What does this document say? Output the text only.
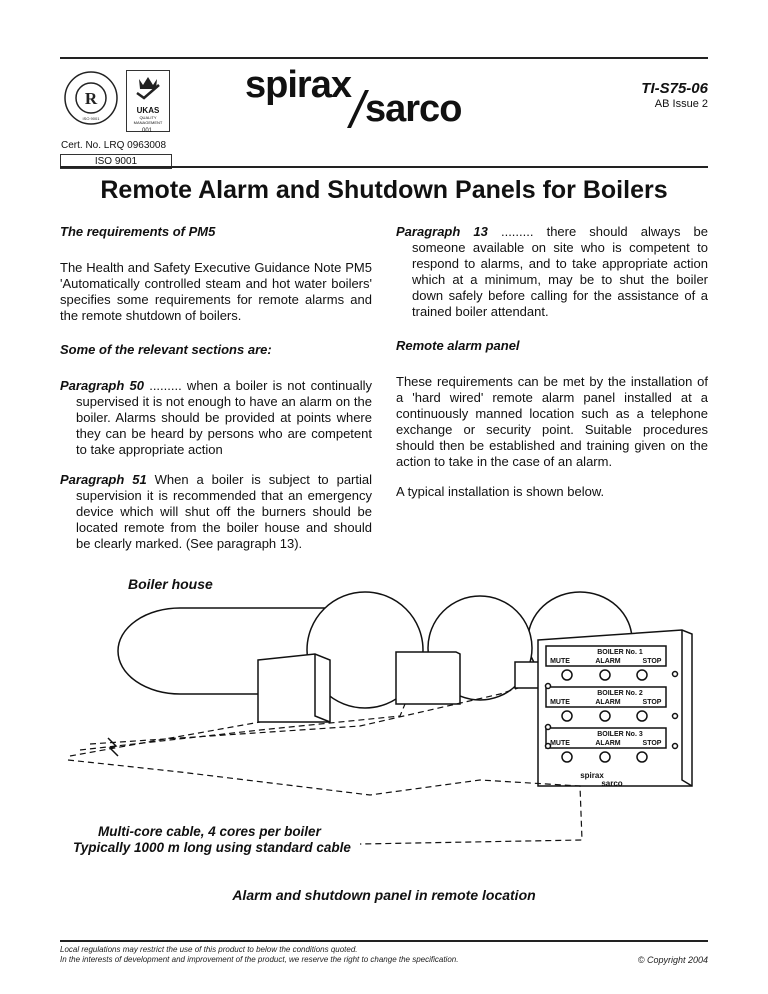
R
ISO 9001
UKAS
QUALITY MANAGEMENT
001
Cert. No. LRQ 0963008
ISO 9001
spirax
sarco	TI-S75-06
AB Issue 2
Remote Alarm and Shutdown Panels for Boilers

The requirements of PM5

The Health and Safety Executive Guidance Note PM5 'Automatically controlled steam and hot water boilers' specifies some requirements for remote alarms and the remote shutdown of boilers.

Some of the relevant sections are:

Paragraph 50 ......... when a boiler is not continually supervised it is not enough to have an alarm on the boiler. Alarms should be provided at points where they can be heard by persons who are competent to take appropriate action

Paragraph 51 When a boiler is subject to partial supervision it is recommended that an emergency device which will shut off the burners should be located remote from the boiler house and should be clearly marked. (See paragraph 13).

Paragraph 13 ......... there should always be someone available on site who is competent to respond to alarms, and to take appropriate action which at a minimum, may be to shut the boiler down safely before calling for the assistance of a trained boiler attendant.

Remote alarm panel

These requirements can be met by the installation of a 'hard wired' remote alarm panel installed at a continuously manned location such as a telephone exchange or security point. Suitable procedures should then be established and training given on the action to take in the case of an alarm.

A typical installation is shown below.

Boiler house
BOILER No. 1
MUTE	ALARM	STOP
BOILER No. 2
MUTE	ALARM	STOP
BOILER No. 3
MUTE	ALARM	STOP
spirax
sarco
Multi-core cable, 4 cores per boiler
Typically 1000 m long using standard cable
Alarm and shutdown panel in remote location
Local regulations may restrict the use of this product to below the conditions quoted.
In the interests of development and improvement of the product, we reserve the right to change the specification.	© Copyright 2004
